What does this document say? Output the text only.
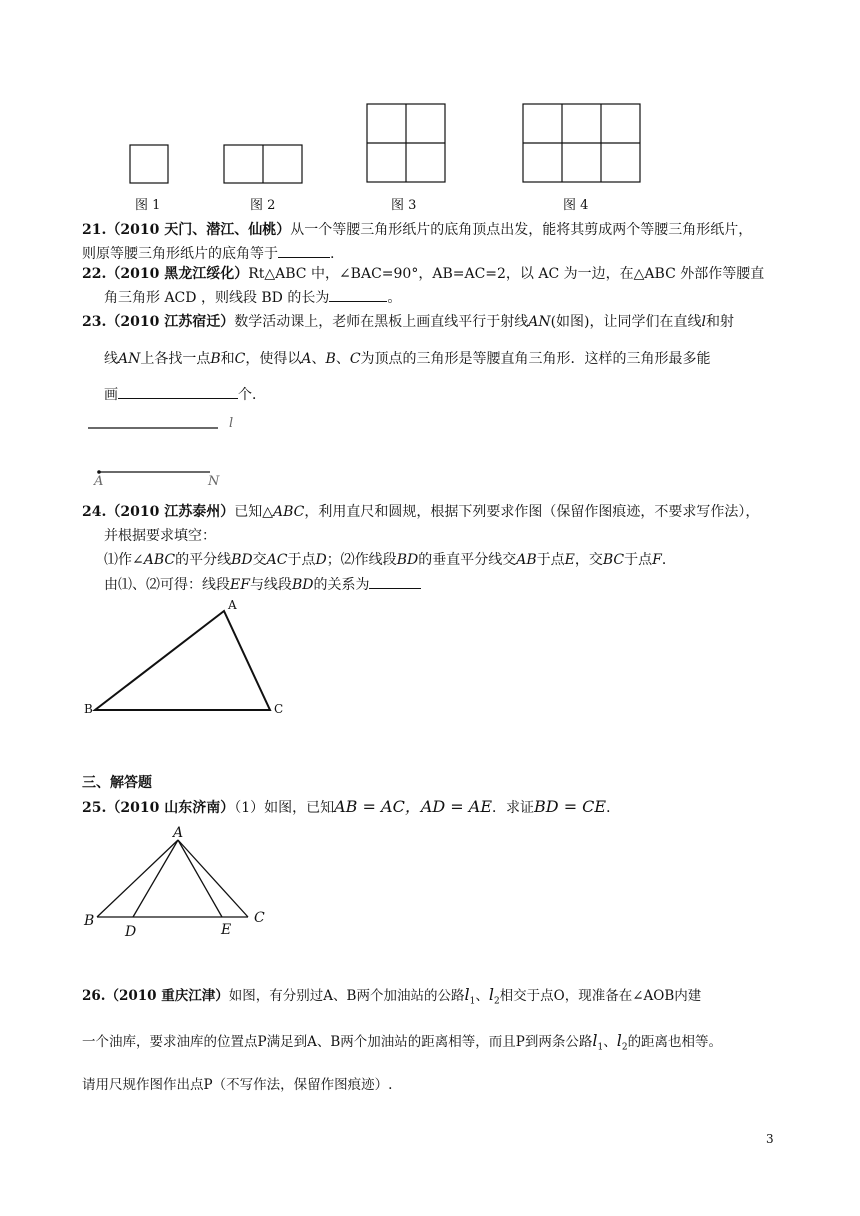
图 1	图 2	图 3	图 4
21.（2010 天门、潜江、仙桃）从一个等腰三角形纸片的底角顶点出发，能将其剪成两个等腰三角形纸片，
则原等腰三角形纸片的底角等于	.
22.（2010 黑龙江绥化）Rt△ABC 中，∠BAC=90°，AB=AC=2，以 AC 为一边，在△ABC 外部作等腰直
角三角形 ACD ，则线段 BD 的长为	。
23.（2010 江苏宿迁）数学活动课上，老师在黑板上画直线平行于射线AN(如图)，让同学们在直线l和射
线AN上各找一点B和C，使得以A、B、C为顶点的三角形是等腰直角三角形．这样的三角形最多能
画	个．
l
A	N
24.（2010 江苏泰州）已知△ABC，利用直尺和圆规，根据下列要求作图（保留作图痕迹，不要求写作法），
并根据要求填空：
⑴作∠ABC的平分线BD交AC于点D；⑵作线段BD的垂直平分线交AB于点E，交BC于点F．
由⑴、⑵可得：线段EF与线段BD的关系为
A
B	C
三、解答题
25.（2010 山东济南）（1）如图，已知AB = AC，AD = AE．求证BD = CE．
A
B	C
D	E
26.（2010 重庆江津）如图，有分别过A、B两个加油站的公路$l_1$、$l_2$相交于点O，现准备在∠AOB内建
一个油库，要求油库的位置点P满足到A、B两个加油站的距离相等，而且P到两条公路$l_1$、$l_2$的距离也相等。
请用尺规作图作出点P（不写作法，保留作图痕迹）.
3
